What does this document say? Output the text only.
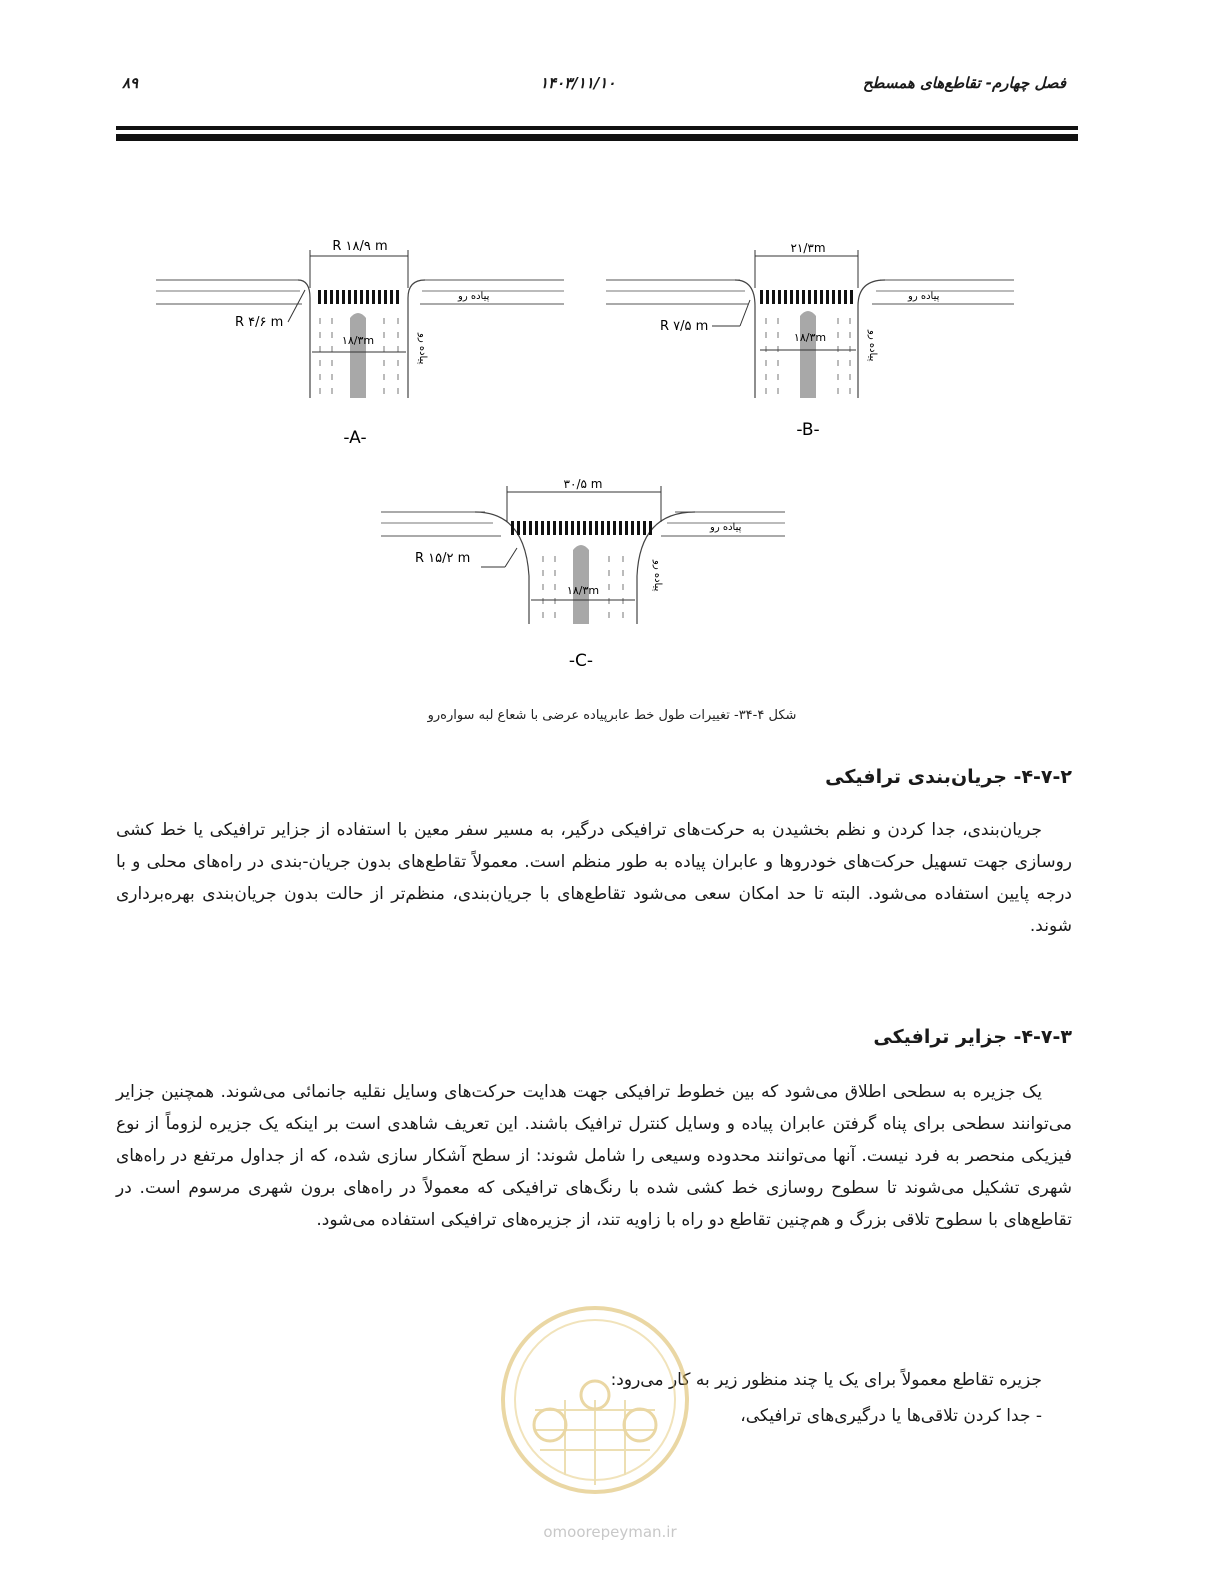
فصل چهارم- تقاطع‌های همسطح
۱۴۰۳/۱۱/۱۰
۸۹
R ۱۸/۹ m
۱۸/۳m
R ۴/۶ m
پیاده رو
پیاده رو
-A-
۲۱/۳m
۱۸/۳m
R ۷/۵ m
پیاده رو
پیاده رو
-B-
۳۰/۵ m
۱۸/۳m
R ۱۵/۲ m
پیاده رو
پیاده رو
-C-
شکل ۴-۳۴- تغییرات طول خط عابرپیاده عرضی با شعاع لبه سواره‌رو
۴-۷-۲- جریان‌بندی ترافیکی
جریان‌بندی، جدا کردن و نظم بخشیدن به حرکت‌های ترافیکی درگیر، به مسیر سفر معین با استفاده از جزایر ترافیکی یا خط کشی روسازی جهت تسهیل حرکت‌های خودروها و عابران پیاده به طور منظم است. معمولاً تقاطع‌های بدون جریان-بندی در راه‌های محلی و با درجه پایین استفاده می‌شود. البته تا حد امکان سعی می‌شود تقاطع‌های با جریان‌بندی، منظم‌تر از حالت بدون جریان‌بندی بهره‌برداری شوند.
۴-۷-۳- جزایر ترافیکی
یک جزیره به سطحی اطلاق می‌شود که بین خطوط ترافیکی جهت هدایت حرکت‌های وسایل نقلیه جانمائی می‌شوند. همچنین جزایر می‌توانند سطحی برای پناه گرفتن عابران پیاده و وسایل کنترل ترافیک باشند. این تعریف شاهدی است بر اینکه یک جزیره لزوماً از نوع فیزیکی منحصر به فرد نیست. آنها می‌توانند محدوده وسیعی را شامل شوند: از سطح آشکار سازی شده، که از جداول مرتفع در راه‌های شهری تشکیل می‌شوند تا سطوح روسازی خط کشی شده با رنگ‌های ترافیکی که معمولاً در راه‌های برون شهری مرسوم است. در تقاطع‌های با سطوح تلاقی بزرگ و هم‌چنین تقاطع دو راه با زاویه تند، از جزیره‌های ترافیکی استفاده می‌شود.
جزیره تقاطع معمولاً برای یک یا چند منظور زیر به کار می‌رود:
- جدا کردن تلاقی‌ها یا درگیری‌های ترافیکی،
omoorepeyman.ir
